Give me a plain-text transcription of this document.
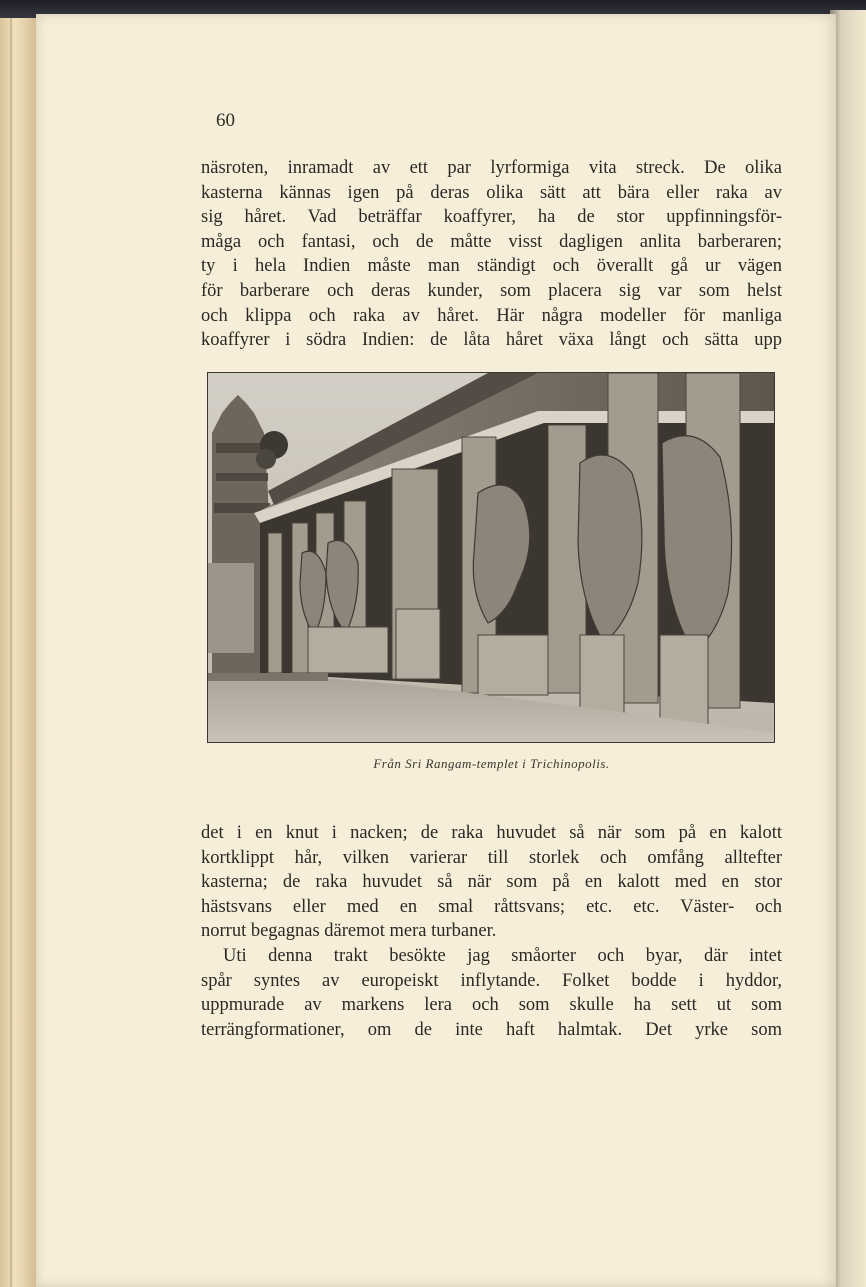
60
näsroten, inramadt av ett par lyrformiga vita streck. De olika
kasterna kännas igen på deras olika sätt att bära eller raka av
sig håret. Vad beträffar koaffyrer, ha de stor uppfinningsför-
måga och fantasi, och de måtte visst dagligen anlita barberaren;
ty i hela Indien måste man ständigt och överallt gå ur vägen
för barberare och deras kunder, som placera sig var som helst
och klippa och raka av håret. Här några modeller för manliga
koaffyrer i södra Indien: de låta håret växa långt och sätta upp
Från Sri Rangam-templet i Trichinopolis.
det i en knut i nacken; de raka huvudet så när som på en kalott
kortklippt hår, vilken varierar till storlek och omfång alltefter
kasterna; de raka huvudet så när som på en kalott med en stor
hästsvans eller med en smal råttsvans; etc. etc. Väster- och
norrut begagnas däremot mera turbaner.
Uti denna trakt besökte jag småorter och byar, där intet
spår syntes av europeiskt inflytande. Folket bodde i hyddor,
uppmurade av markens lera och som skulle ha sett ut som
terrängformationer, om de inte haft halmtak. Det yrke som
